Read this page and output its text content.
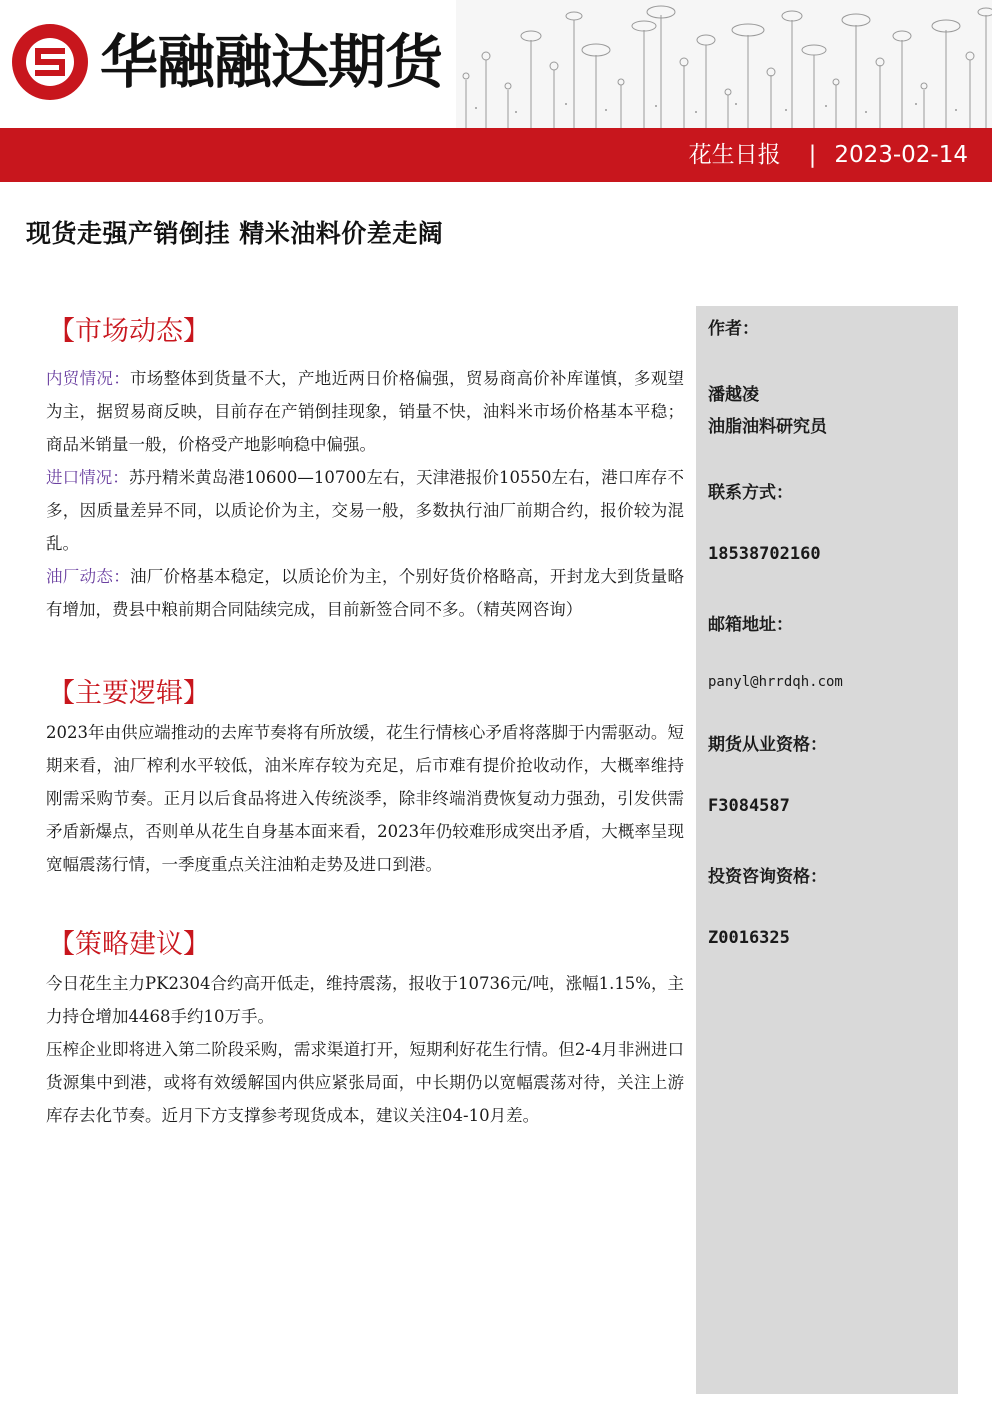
华融融达期货
花生日报 | 2023-02-14
现货走强产销倒挂 精米油料价差走阔
【市场动态】

内贸情况：市场整体到货量不大，产地近两日价格偏强，贸易商高价补库谨慎，多观望为主，据贸易商反映，目前存在产销倒挂现象，销量不快，油料米市场价格基本平稳；商品米销量一般，价格受产地影响稳中偏强。

进口情况：苏丹精米黄岛港10600—10700左右，天津港报价10550左右，港口库存不多，因质量差异不同，以质论价为主，交易一般，多数执行油厂前期合约，报价较为混乱。

油厂动态：油厂价格基本稳定，以质论价为主，个别好货价格略高，开封龙大到货量略有增加，费县中粮前期合同陆续完成，目前新签合同不多。（精英网咨询）

【主要逻辑】

2023年由供应端推动的去库节奏将有所放缓，花生行情核心矛盾将落脚于内需驱动。短期来看，油厂榨利水平较低，油米库存较为充足，后市难有提价抢收动作，大概率维持刚需采购节奏。正月以后食品将进入传统淡季，除非终端消费恢复动力强劲，引发供需矛盾新爆点，否则单从花生自身基本面来看，2023年仍较难形成突出矛盾，大概率呈现宽幅震荡行情，一季度重点关注油粕走势及进口到港。

【策略建议】

今日花生主力PK2304合约高开低走，维持震荡，报收于10736元/吨，涨幅1.15%，主力持仓增加4468手约10万手。

压榨企业即将进入第二阶段采购，需求渠道打开，短期利好花生行情。但2-4月非洲进口货源集中到港，或将有效缓解国内供应紧张局面，中长期仍以宽幅震荡对待，关注上游库存去化节奏。近月下方支撑参考现货成本，建议关注04-10月差。

作者：
潘越凌
油脂油料研究员
联系方式：
18538702160
邮箱地址：
panyl@hrrdqh.com
期货从业资格：
F3084587
投资咨询资格：
Z0016325
